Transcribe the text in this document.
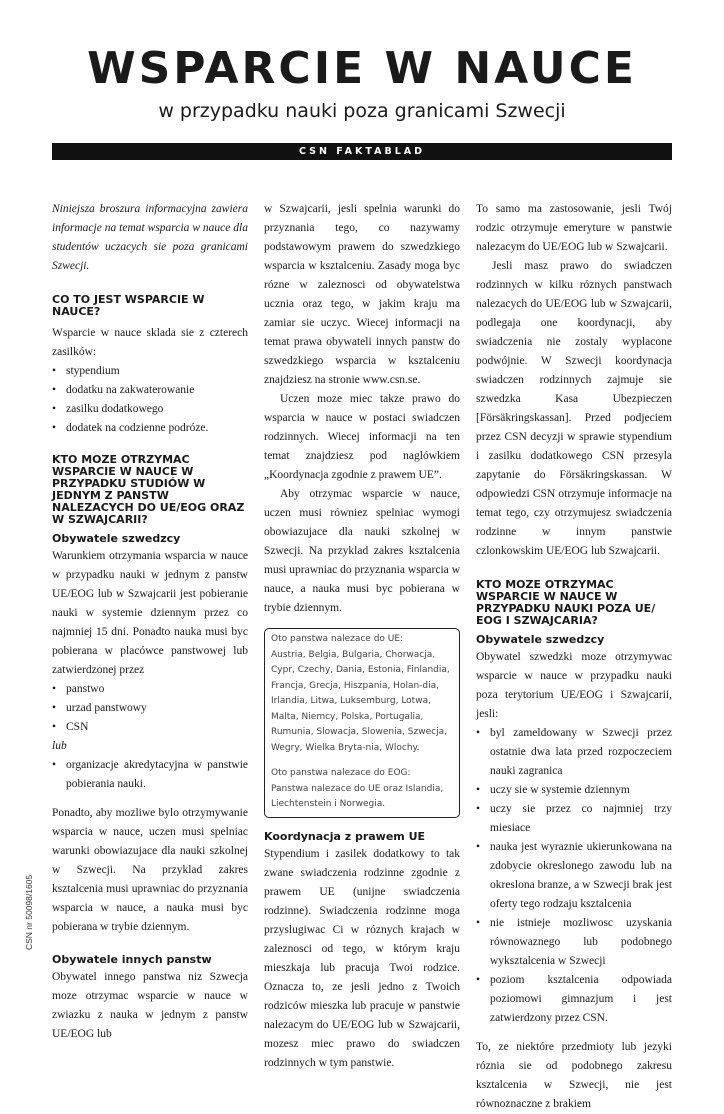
WSPARCIE W NAUCE
w przypadku nauki poza granicami Szwecji
CSN FAKTABLAD
CSN nr 50098/1605

Niniejsza broszura informacyjna zawiera informacje na temat wsparcia w nauce dla studentów uczacych sie poza granicami Szwecji.

CO TO JEST WSPARCIE W NAUCE?

Wsparcie w nauce sklada sie z czterech zasilków:

• stypendium
• dodatku na zakwaterowanie
• zasilku dodatkowego
• dodatek na codzienne podróze.
KTO MOZE OTRZYMAC WSPARCIE W NAUCE W PRZYPADKU STUDIÓW W JEDNYM Z PANSTW NALEZACYCH DO UE/EOG ORAZ W SZWAJCARII?
Obywatele szwedzcy

Warunkiem otrzymania wsparcia w nauce w przypadku nauki w jednym z panstw UE/EOG lub w Szwajcarii jest pobieranie nauki w systemie dziennym przez co najmniej 15 dni. Ponadto nauka musi byc pobierana w placówce panstwowej lub zatwierdzonej przez

• panstwo
• urzad panstwowy
• CSN

lub

• organizacje akredytacyjna w panstwie pobierania nauki.

Ponadto, aby mozliwe bylo otrzymywanie wsparcia w nauce, uczen musi spelniac warunki obowiazujace dla nauki szkolnej w Szwecji. Na przyklad zakres ksztalcenia musi uprawniac do przyznania wsparcia w nauce, a nauka musi byc pobierana w trybie dziennym.

Obywatele innych panstw

Obywatel innego panstwa niz Szwecja moze otrzymac wsparcie w nauce w zwiazku z nauka w jednym z panstw UE/EOG lub

w Szwajcarii, jesli spelnia warunki do przyznania tego, co nazywamy podstawowym prawem do szwedzkiego wsparcia w ksztalceniu. Zasady moga byc rózne w zaleznosci od obywatelstwa ucznia oraz tego, w jakim kraju ma zamiar sie uczyc. Wiecej informacji na temat prawa obywateli innych panstw do szwedzkiego wsparcia w ksztalceniu znajdziesz na stronie www.csn.se.

Uczen moze miec takze prawo do wsparcia w nauce w postaci swiadczen rodzinnych. Wiecej informacji na ten temat znajdziesz pod naglówkiem „Koordynacja zgodnie z prawem UE”.

Aby otrzymac wsparcie w nauce, uczen musi równiez spelniac wymogi obowiazujace dla nauki szkolnej w Szwecji. Na przyklad zakres ksztalcenia musi uprawniac do przyznania wsparcia w nauce, a nauka musi byc pobierana w trybie dziennym.

Oto panstwa nalezace do UE:

Austria, Belgia, Bulgaria, Chorwacja, Cypr, Czechy, Dania, Estonia, Finlandia, Francja, Grecja, Hiszpania, Holan-dia, Irlandia, Litwa, Luksemburg, Lotwa, Malta, Niemcy, Polska, Portugalia, Rumunia, Slowacja, Slowenia, Szwecja, Wegry, Wielka Bryta-nia, Wlochy.

Oto panstwa nalezace do EOG:

Panstwa nalezace do UE oraz Islandia, Liechtenstein i Norwegia.

Koordynacja z prawem UE

Stypendium i zasilek dodatkowy to tak zwane swiadczenia rodzinne zgodnie z prawem UE (unijne swiadczenia rodzinne). Swiadczenia rodzinne moga przyslugiwac Ci w róznych krajach w zaleznosci od tego, w którym kraju mieszkaja lub pracuja Twoi rodzice. Oznacza to, ze jesli jedno z Twoich rodziców mieszka lub pracuje w panstwie nalezacym do UE/EOG lub w Szwajcarii, mozesz miec prawo do swiadczen rodzinnych w tym panstwie.

To samo ma zastosowanie, jesli Twój rodzic otrzymuje emeryture w panstwie nalezacym do UE/EOG lub w Szwajcarii.

Jesli masz prawo do swiadczen rodzinnych w kilku róznych panstwach nalezacych do UE/EOG lub w Szwajcarii, podlegaja one koordynacji, aby swiadczenia nie zostaly wyplacone podwójnie. W Szwecji koordynacja swiadczen rodzinnych zajmuje sie szwedzka Kasa Ubezpieczen [Försäkringskassan]. Przed podjeciem przez CSN decyzji w sprawie stypendium i zasilku dodatkowego CSN przesyla zapytanie do Försäkringskassan. W odpowiedzi CSN otrzymuje informacje na temat tego, czy otrzymujesz swiadczenia rodzinne w innym panstwie czlonkowskim UE/EOG lub Szwajcarii.

KTO MOZE OTRZYMAC WSPARCIE W NAUCE W PRZYPADKU NAUKI POZA UE/ EOG I SZWAJCARIA?
Obywatele szwedzcy

Obywatel szwedzki moze otrzymywac wsparcie w nauce w przypadku nauki poza terytorium UE/EOG i Szwajcarii, jesli:

• byl zameldowany w Szwecji przez ostatnie dwa lata przed rozpoczeciem nauki zagranica
• uczy sie w systemie dziennym
• uczy sie przez co najmniej trzy miesiace
• nauka jest wyraznie ukierunkowana na zdobycie okreslonego zawodu lub na okreslona branze, a w Szwecji brak jest oferty tego rodzaju ksztalcenia
• nie istnieje mozliwosc uzyskania równowaznego lub podobnego wyksztalcenia w Szwecji
• poziom ksztalcenia odpowiada poziomowi gimnazjum i jest zatwierdzony przez CSN.

To, ze niektóre przedmioty lub jezyki róznia sie od podobnego zakresu ksztalcenia w Szwecji, nie jest równoznaczne z brakiem
